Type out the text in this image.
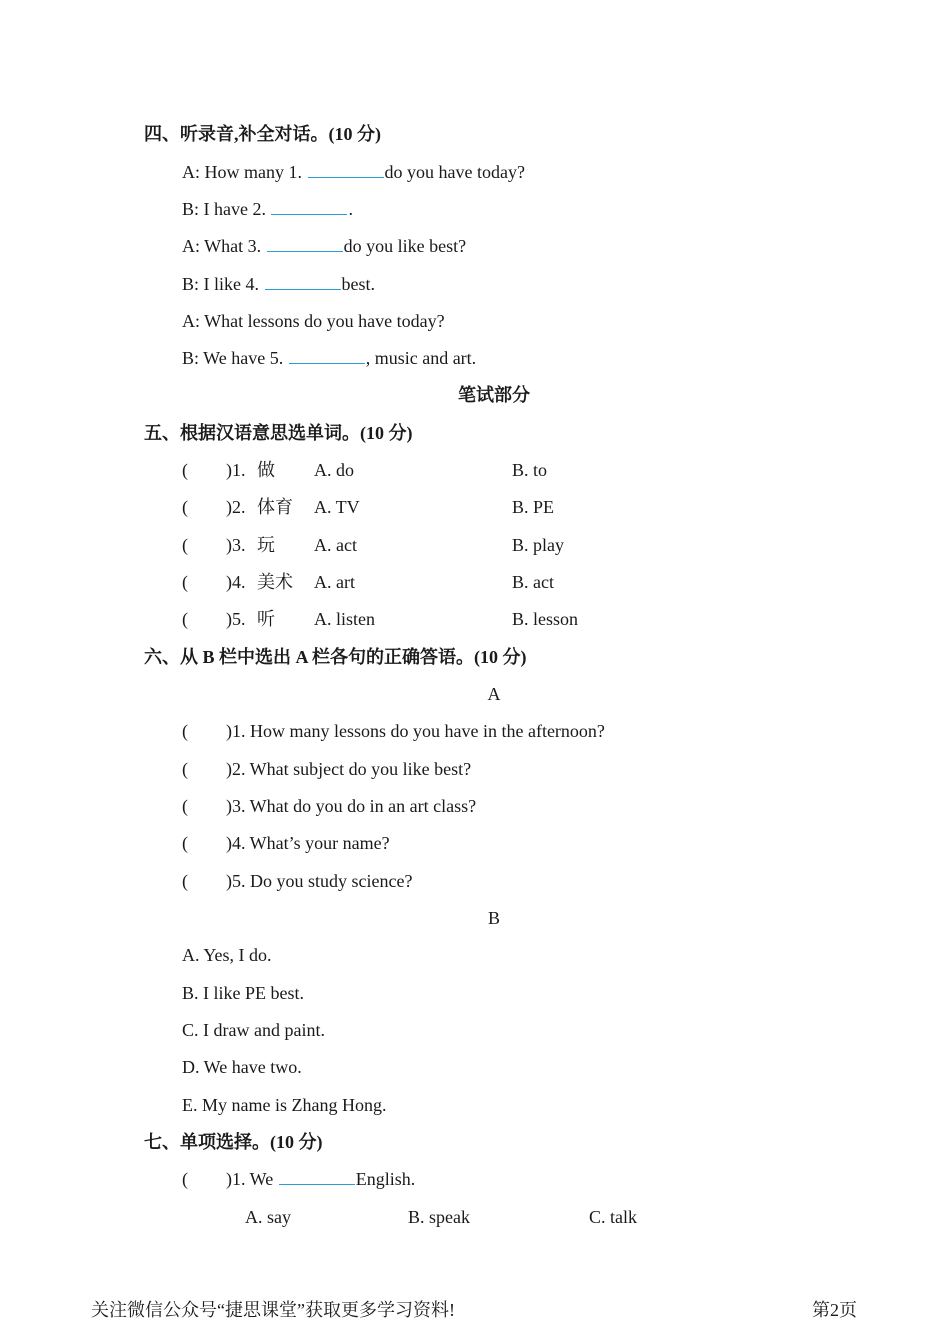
四、听录音,补全对话。(10 分)
A: How many 1.	do you have today?
B: I have 2.	.
A: What 3.	do you like best?
B: I like 4.	best.
A: What lessons do you have today?
B: We have 5.	, music and art.
笔试部分
五、根据汉语意思选单词。(10 分)
( )1. 做 A. do	B. to
( )2. 体育 A. TV	B. PE
( )3. 玩 A. act	B. play
( )4. 美术 A. art	B. act
( )5. 听 A. listen	B. lesson
六、从 B 栏中选出 A 栏各句的正确答语。(10 分)
A
( )1. How many lessons do you have in the afternoon?
( )2. What subject do you like best?
( )3. What do you do in an art class?
( )4. What’s your name?
( )5. Do you study science?
B
A. Yes, I do.
B. I like PE best.
C. I draw and paint.
D. We have two.
E. My name is Zhang Hong.
七、单项选择。(10 分)
( )1. We	English.
A. say	B. speak	C. talk
关注微信公众号“捷思课堂”获取更多学习资料!	第2页
